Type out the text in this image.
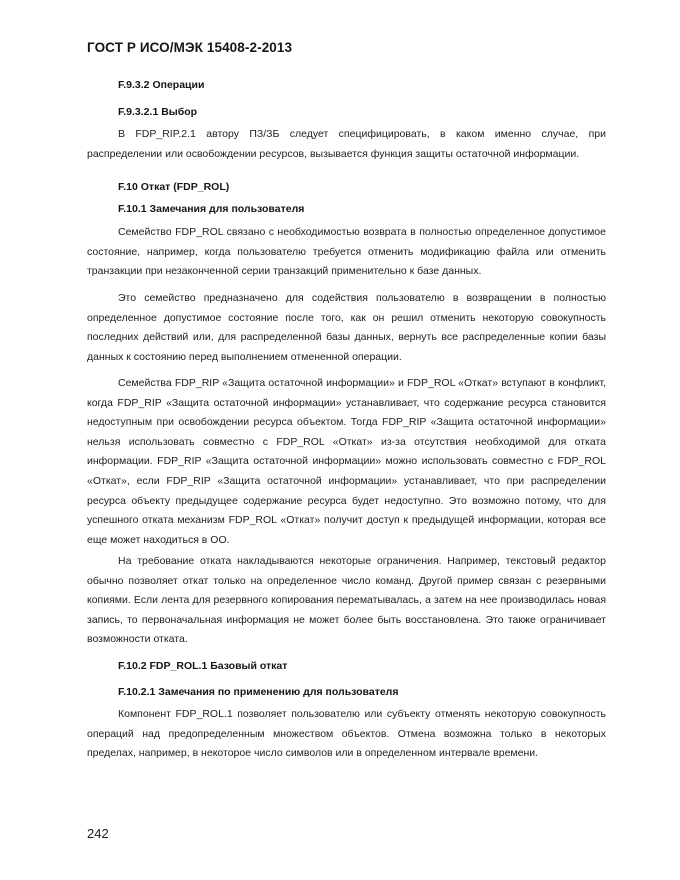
ГОСТ Р ИСО/МЭК 15408-2-2013
F.9.3.2 Операции
F.9.3.2.1 Выбор
В FDP_RIP.2.1 автору ПЗ/ЗБ следует специфицировать, в каком именно случае, при распределении или освобождении ресурсов, вызывается функция защиты остаточной информации.
F.10 Откат (FDP_ROL)
F.10.1 Замечания для пользователя
Семейство FDP_ROL связано с необходимостью возврата в полностью определенное допустимое состояние, например, когда пользователю требуется отменить модификацию файла или отменить транзакции при незаконченной серии транзакций применительно к базе данных.
Это семейство предназначено для содействия пользователю в возвращении в полностью определенное допустимое состояние после того, как он решил отменить некоторую совокупность последних действий или, для распределенной базы данных, вернуть все распределенные копии базы данных к состоянию перед выполнением отмененной операции.
Семейства FDP_RIP «Защита остаточной информации» и FDP_ROL «Откат» вступают в конфликт, когда FDP_RIP «Защита остаточной информации» устанавливает, что содержание ресурса становится недоступным при освобождении ресурса объектом. Тогда FDP_RIP «Защита остаточной информации» нельзя использовать совместно с FDP_ROL «Откат» из-за отсутствия необходимой для отката информации. FDP_RIP «Защита остаточной информации» можно использовать совместно с FDP_ROL «Откат», если FDP_RIP «Защита остаточной информации» устанавливает, что при распределении ресурса объекту предыдущее содержание ресурса будет недоступно. Это возможно потому, что для успешного отката механизм FDP_ROL «Откат» получит доступ к предыдущей информации, которая все еще может находиться в ОО.
На требование отката накладываются некоторые ограничения. Например, текстовый редактор обычно позволяет откат только на определенное число команд. Другой пример связан с резервными копиями. Если лента для резервного копирования перематывалась, а затем на нее производилась новая запись, то первоначальная информация не может более быть восстановлена. Это также ограничивает возможности отката.
F.10.2 FDP_ROL.1 Базовый откат
F.10.2.1 Замечания по применению для пользователя
Компонент FDP_ROL.1 позволяет пользователю или субъекту отменять некоторую совокупность операций над предопределенным множеством объектов. Отмена возможна только в некоторых пределах, например, в некоторое число символов или в определенном интервале времени.
242
